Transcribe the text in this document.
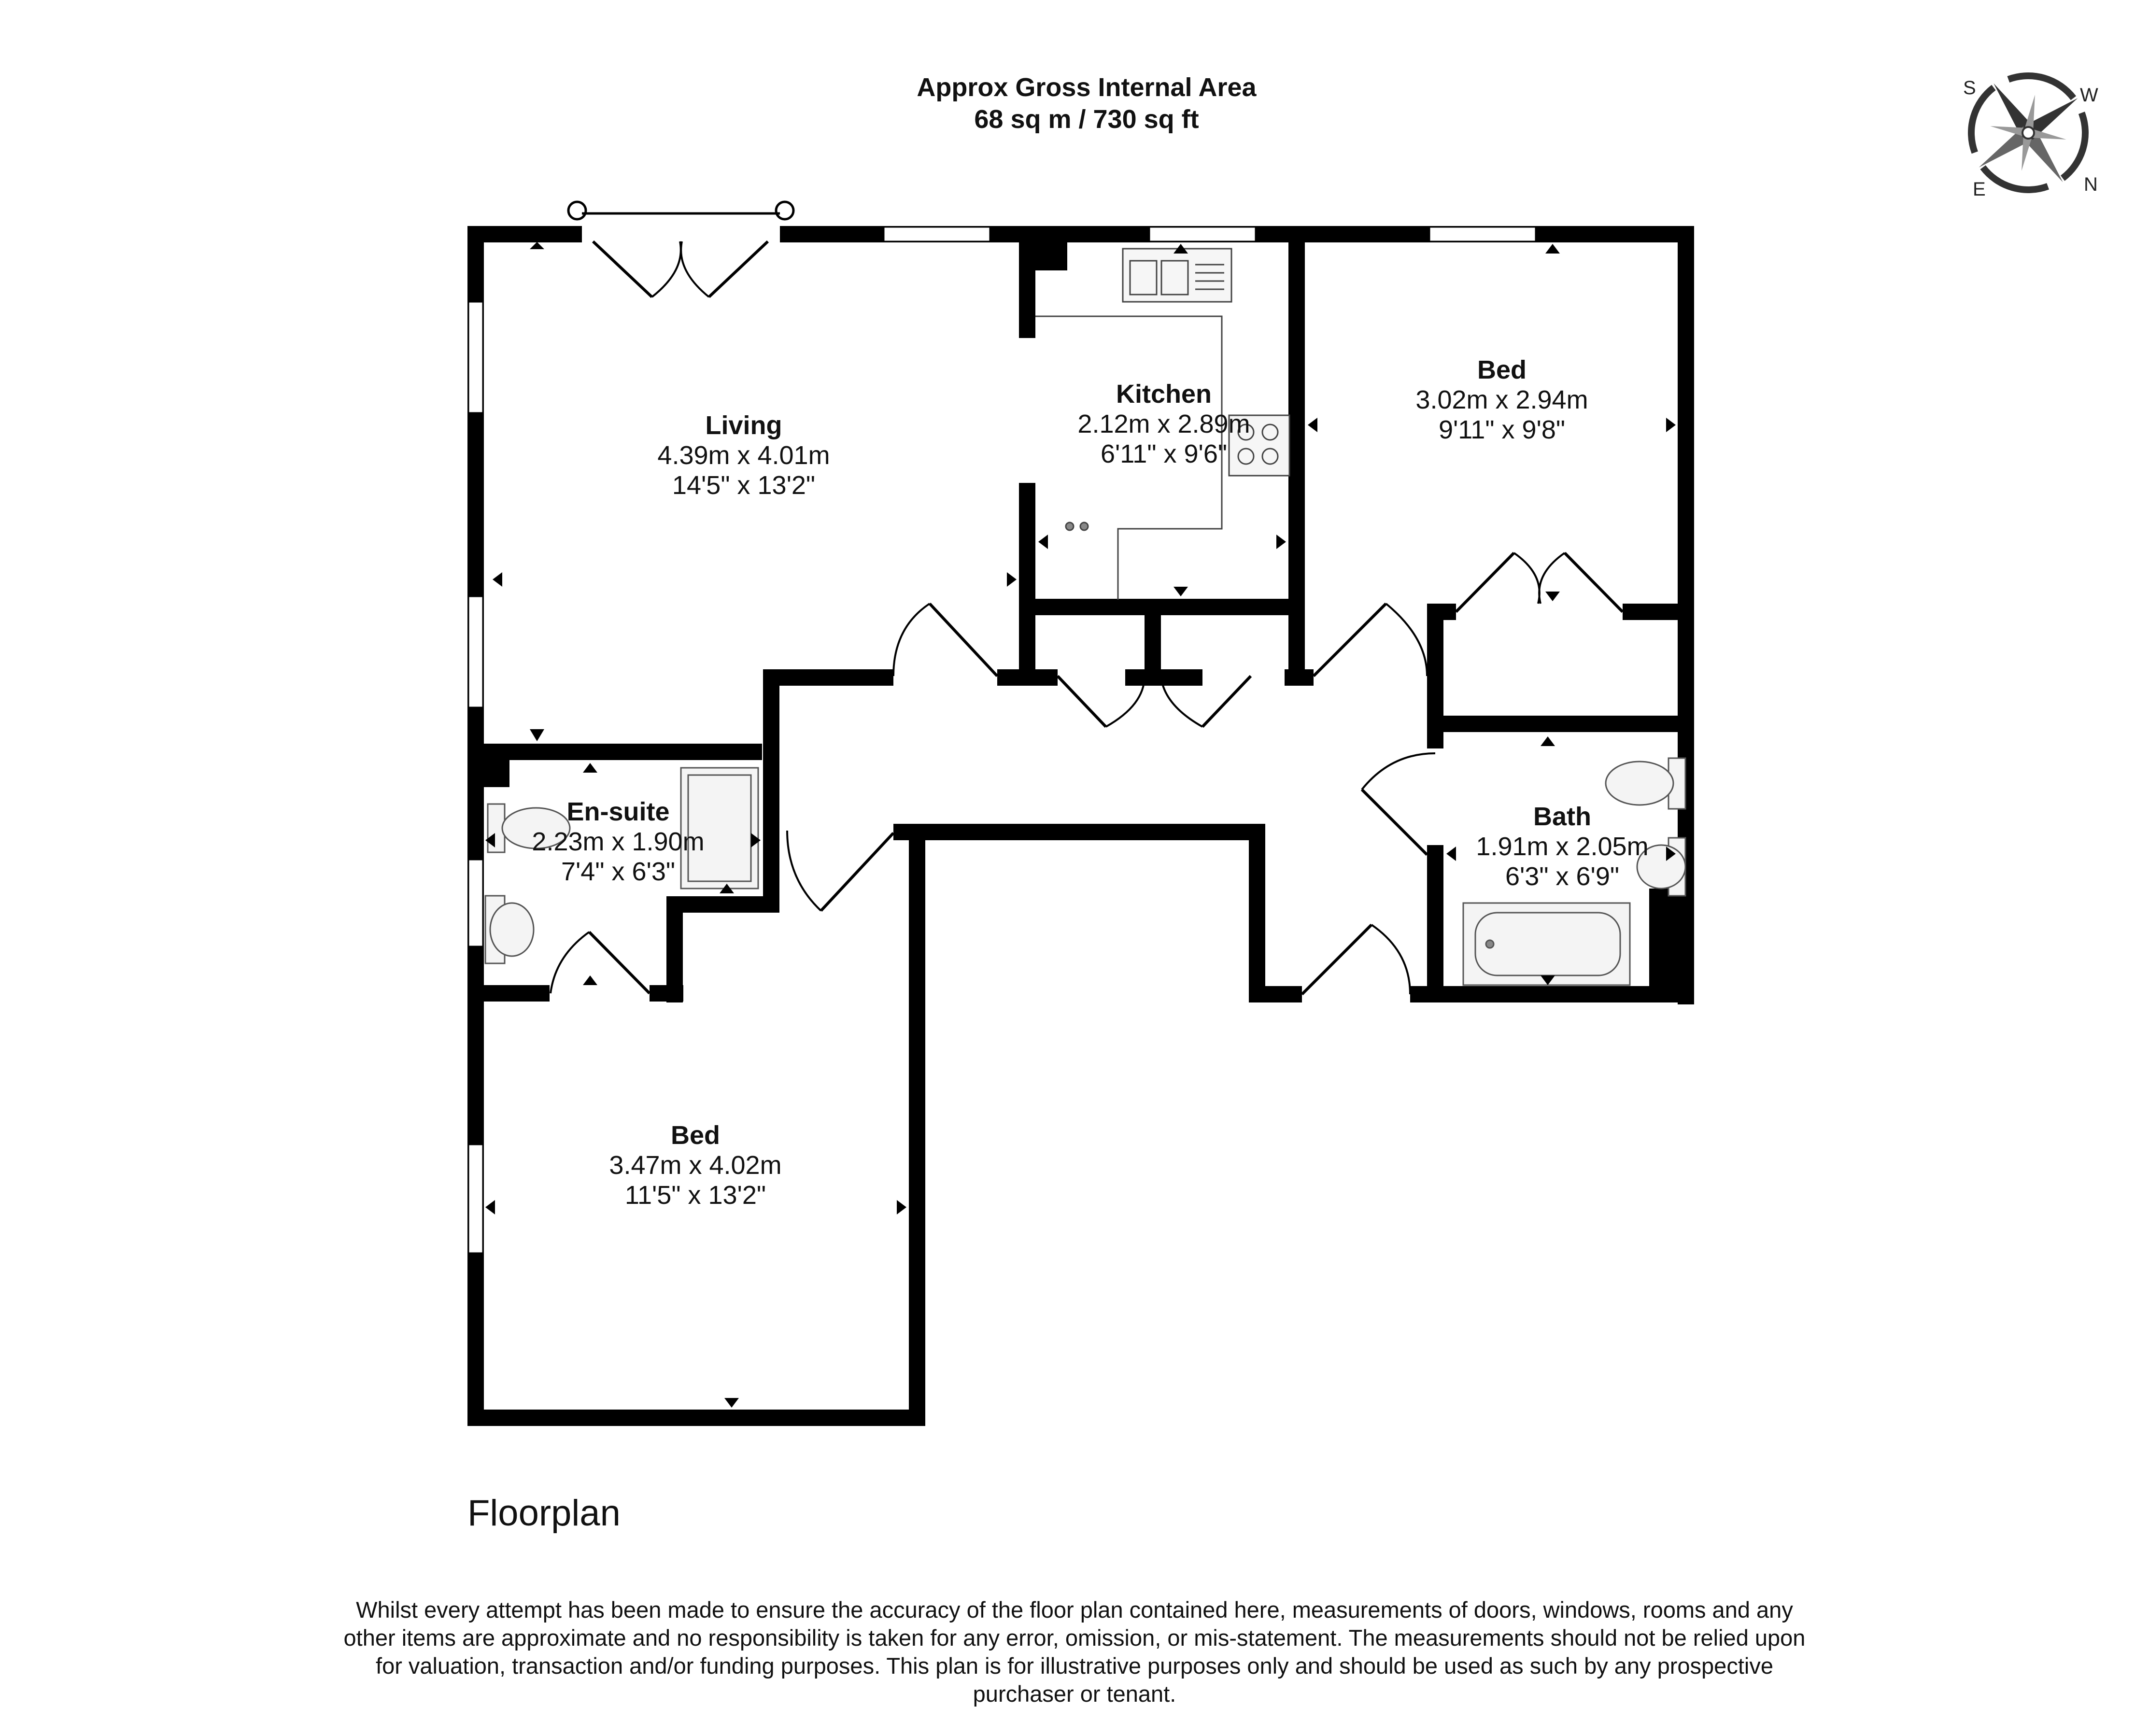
Approx Gross Internal Area
68 sq m / 730 sq ft
W
S
E	N
Living
4.39m x 4.01m
14'5" x 13'2"
Kitchen
2.12m x 2.89m
6'11" x 9'6"
Bed
3.02m x 2.94m
9'11" x 9'8"
En-suite
2.23m x 1.90m
7'4" x 6'3"
Bath
1.91m x 2.05m
6'3" x 6'9"
Bed
3.47m x 4.02m
11'5" x 13'2"
Floorplan
Whilst every attempt has been made to ensure the accuracy of the floor plan contained here, measurements of doors, windows, rooms and any other items are approximate and no responsibility is taken for any error, omission, or mis-statement. The measurements should not be relied upon for valuation, transaction and/or funding purposes. This plan is for illustrative purposes only and should be used as such by any prospective purchaser or tenant.
